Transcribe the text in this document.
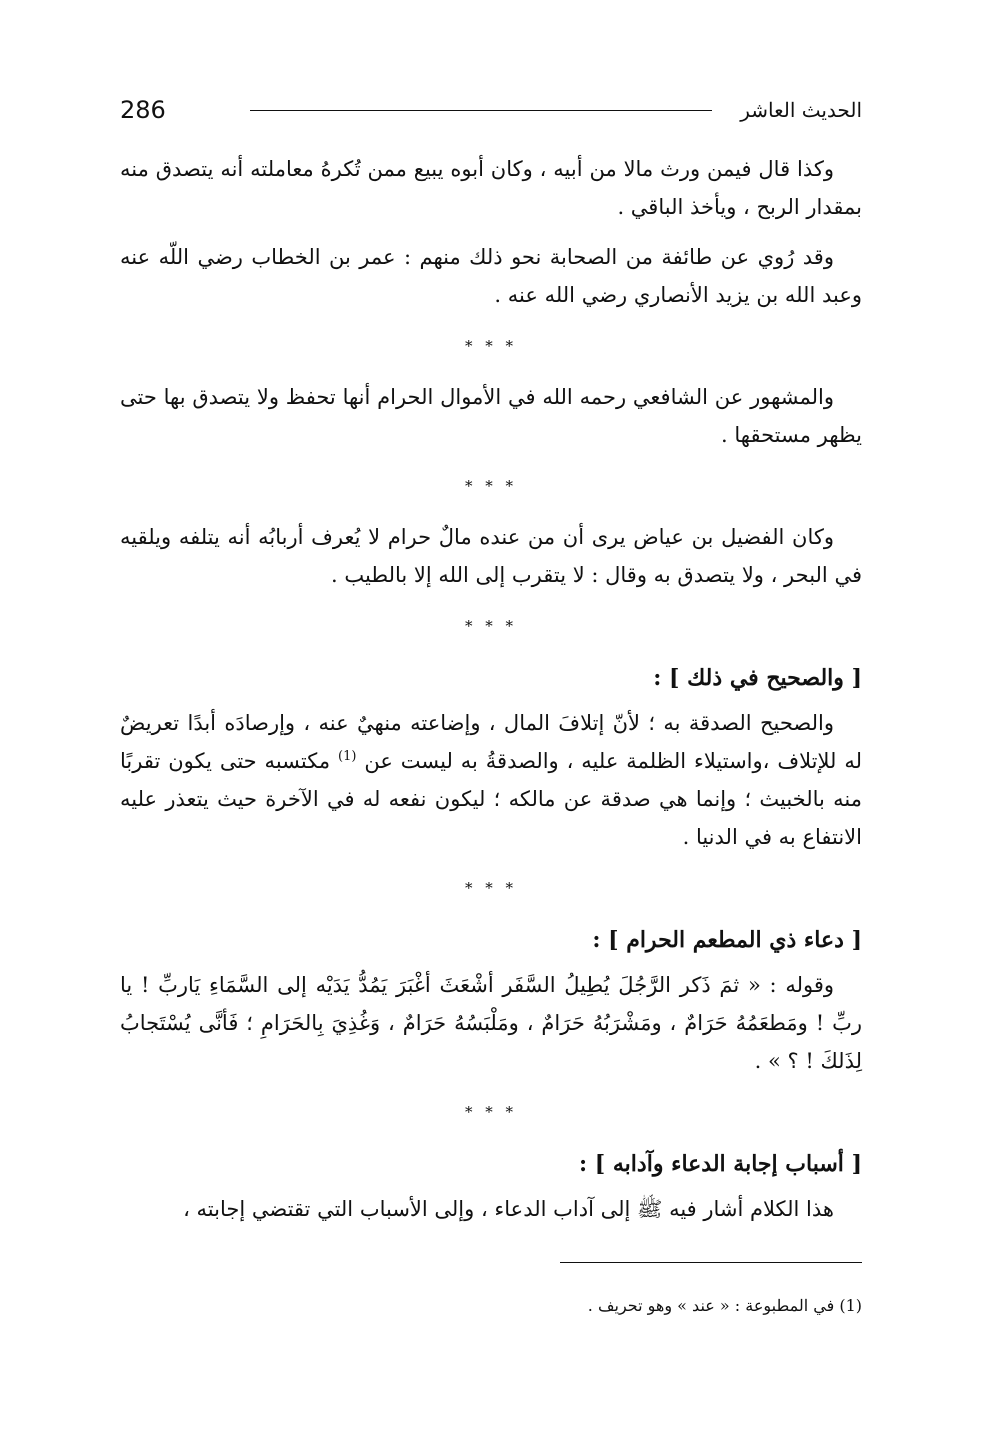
286	الحديث العاشر

وكذا قال فيمن ورث مالا من أبيه ، وكان أبوه يبيع ممن تُكرهُ معاملته أنه يتصدق منه بمقدار الربح ، ويأخذ الباقي .

وقد رُوي عن طائفة من الصحابة نحو ذلك منهم : عمر بن الخطاب رضي اللّه عنه وعبد الله بن يزيد الأنصاري رضي الله عنه .

* * *

والمشهور عن الشافعي رحمه الله في الأموال الحرام أنها تحفظ ولا يتصدق بها حتى يظهر مستحقها .

* * *

وكان الفضيل بن عياض يرى أن من عنده مالٌ حرام لا يُعرف أربابُه أنه يتلفه ويلقيه في البحر ، ولا يتصدق به وقال : لا يتقرب إلى الله إلا بالطيب .

* * *
[ والصحيح في ذلك ] :

والصحيح الصدقة به ؛ لأنّ إتلافَ المال ، وإضاعته منهيٌ عنه ، وإرصادَه أبدًا تعريضٌ له للإتلاف ،واستيلاء الظلمة عليه ، والصدقةُ به ليست عن $^{(1)}$ مكتسبه حتى يكون تقربًا منه بالخبيث ؛ وإنما هي صدقة عن مالكه ؛ ليكون نفعه له في الآخرة حيث يتعذر عليه الانتفاع به في الدنيا .

* * *
[ دعاء ذي المطعم الحرام ] :

وقوله : « ثمَ ذَكر الرَّجُلَ يُطِيلُ السَّفَر أشْعَثَ أغْبَرَ يَمُدُّ يَدَيْه إلى السَّمَاءِ يَاربِّ ! يا ربِّ ! ومَطعَمُهُ حَرَامٌ ، ومَشْرَبُهُ حَرَامٌ ، ومَلْبَسُهُ حَرَامٌ ، وَغُذِيَ بِالحَرَامِ ؛ فَأنَّى يُسْتَجابُ لِذَلكَ ! ؟ » .

* * *
[ أسباب إجابة الدعاء وآدابه ] :

هذا الكلام أشار فيه ﷺ إلى آداب الدعاء ، وإلى الأسباب التي تقتضي إجابته ،

(1) في المطبوعة : « عند » وهو تحريف .
